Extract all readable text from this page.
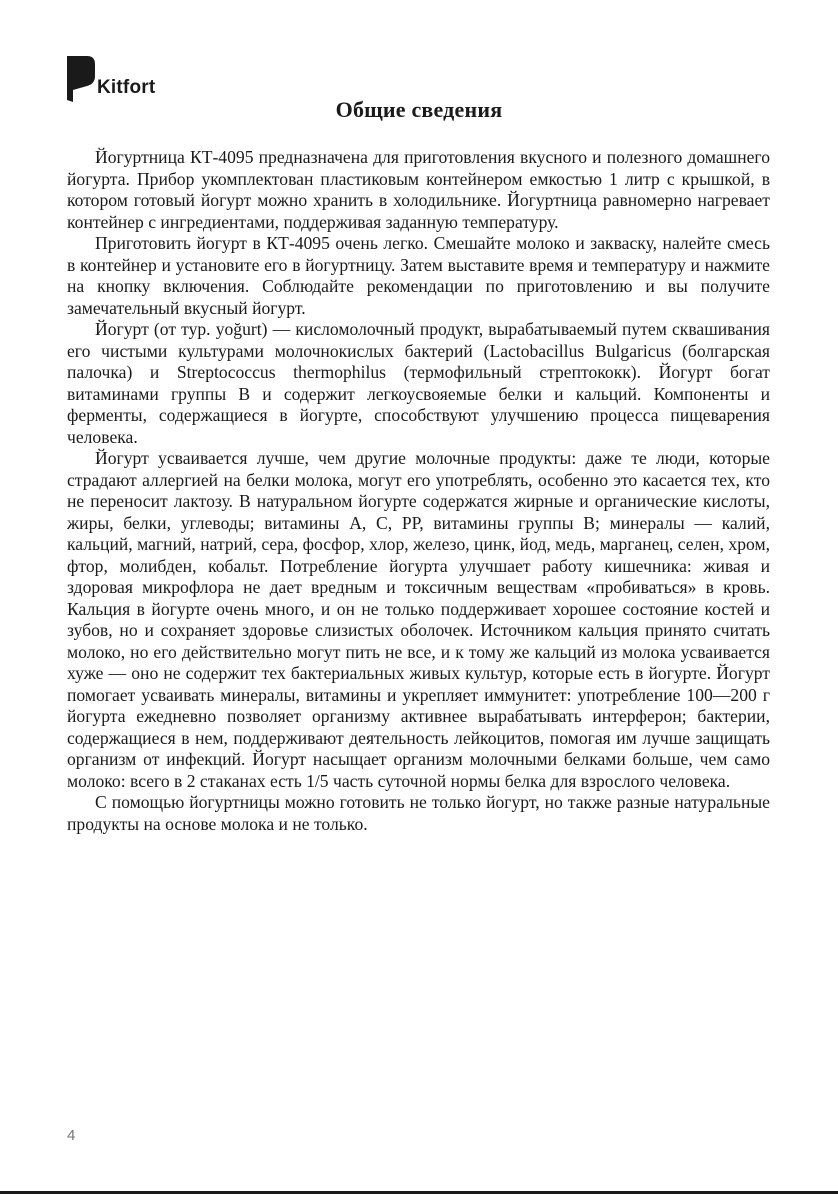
Kitfort
Общие сведения

Йогуртница КТ-4095 предназначена для приготовления вкусного и полезного домашнего йогурта. Прибор укомплектован пластиковым контейнером емкостью 1 литр с крышкой, в котором готовый йогурт можно хранить в холодильнике. Йогуртница равномерно нагревает контейнер с ингредиентами, поддерживая заданную температуру.

Приготовить йогурт в КТ-4095 очень легко. Смешайте молоко и закваску, налейте смесь в контейнер и установите его в йогуртницу. Затем выставите время и температуру и нажмите на кнопку включения. Соблюдайте рекомендации по приготовлению и вы получите замечательный вкусный йогурт.

Йогурт (от тур. yoğurt) — кисломолочный продукт, вырабатываемый путем сквашивания его чистыми культурами молочнокислых бактерий (Lactobacillus Bulgaricus (болгарская палочка) и Streptococcus thermophilus (термофильный стрептококк). Йогурт богат витаминами группы В и содержит легкоусвояемые белки и кальций. Компоненты и ферменты, содержащиеся в йогурте, способствуют улучшению процесса пищеварения человека.

Йогурт усваивается лучше, чем другие молочные продукты: даже те люди, которые страдают аллергией на белки молока, могут его употреблять, особенно это касается тех, кто не переносит лактозу. В натуральном йогурте содержатся жирные и органические кислоты, жиры, белки, углеводы; витамины А, С, РР, витамины группы В; минералы — калий, кальций, магний, натрий, сера, фосфор, хлор, железо, цинк, йод, медь, марганец, селен, хром, фтор, молибден, кобальт. Потребление йогурта улучшает работу кишечника: живая и здоровая микрофлора не дает вредным и токсичным веществам «пробиваться» в кровь. Кальция в йогурте очень много, и он не только поддерживает хорошее состояние костей и зубов, но и сохраняет здоровье слизистых оболочек. Источником кальция принято считать молоко, но его действительно могут пить не все, и к тому же кальций из молока усваивается хуже — оно не содержит тех бактериальных живых культур, которые есть в йогурте. Йогурт помогает усваивать минералы, витамины и укрепляет иммунитет: употребление 100—200 г йогурта ежедневно позволяет организму активнее вырабатывать интерферон; бактерии, содержащиеся в нем, поддерживают деятельность лейкоцитов, помогая им лучше защищать организм от инфекций. Йогурт насыщает организм молочными белками больше, чем само молоко: всего в 2 стаканах есть 1/5 часть суточной нормы белка для взрослого человека.

С помощью йогуртницы можно готовить не только йогурт, но также разные натуральные продукты на основе молока и не только.

4
